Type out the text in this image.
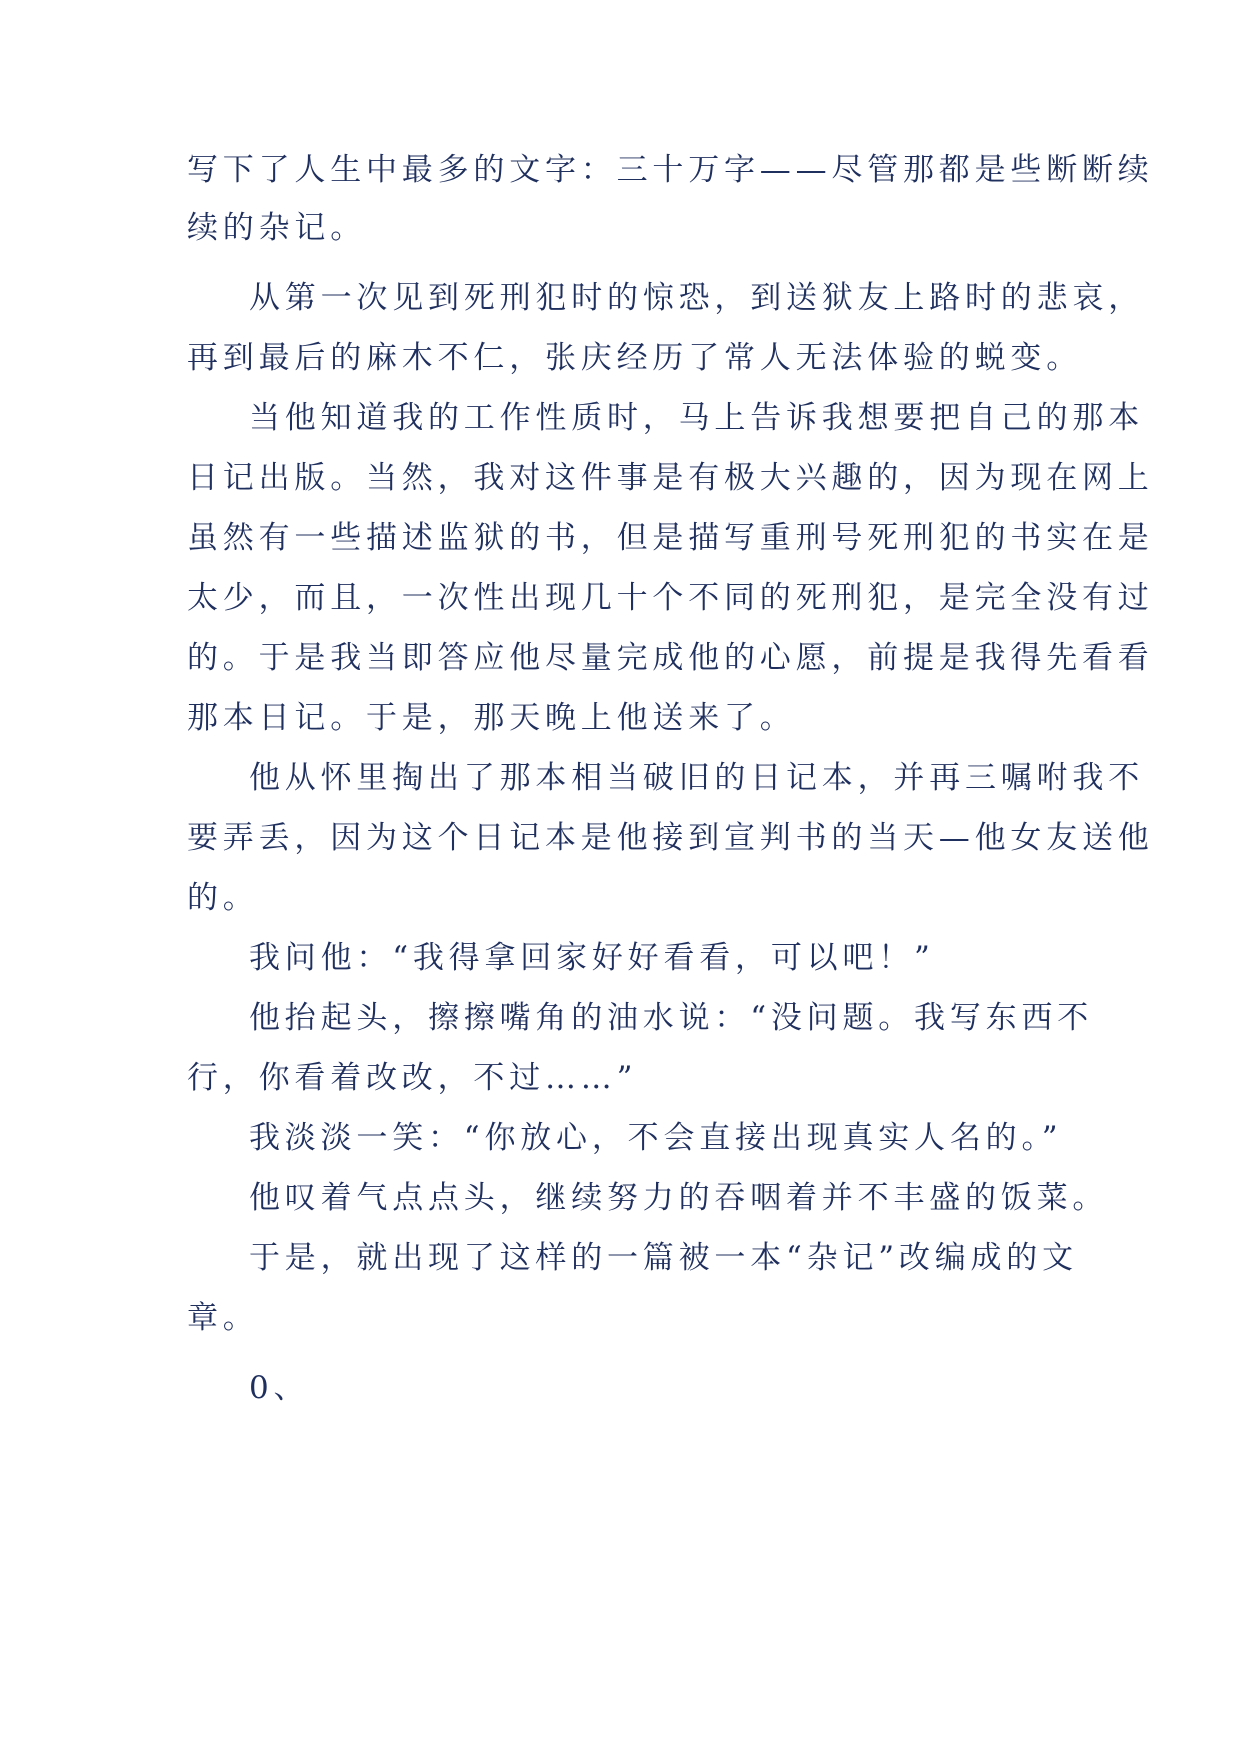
写下了人生中最多的文字：三十万字——尽管那都是些断断续
续的杂记。
从第一次见到死刑犯时的惊恐，到送狱友上路时的悲哀，
再到最后的麻木不仁，张庆经历了常人无法体验的蜕变。
当他知道我的工作性质时，马上告诉我想要把自己的那本
日记出版。当然，我对这件事是有极大兴趣的，因为现在网上
虽然有一些描述监狱的书，但是描写重刑号死刑犯的书实在是
太少，而且，一次性出现几十个不同的死刑犯，是完全没有过
的。于是我当即答应他尽量完成他的心愿，前提是我得先看看
那本日记。于是，那天晚上他送来了。
他从怀里掏出了那本相当破旧的日记本，并再三嘱咐我不
要弄丢，因为这个日记本是他接到宣判书的当天—他女友送他
的。
我问他：“我得拿回家好好看看，可以吧！”
他抬起头，擦擦嘴角的油水说：“没问题。我写东西不
行，你看着改改，不过……”
我淡淡一笑：“你放心，不会直接出现真实人名的。”
他叹着气点点头，继续努力的吞咽着并不丰盛的饭菜。
于是，就出现了这样的一篇被一本“杂记”改编成的文
章。
0、
